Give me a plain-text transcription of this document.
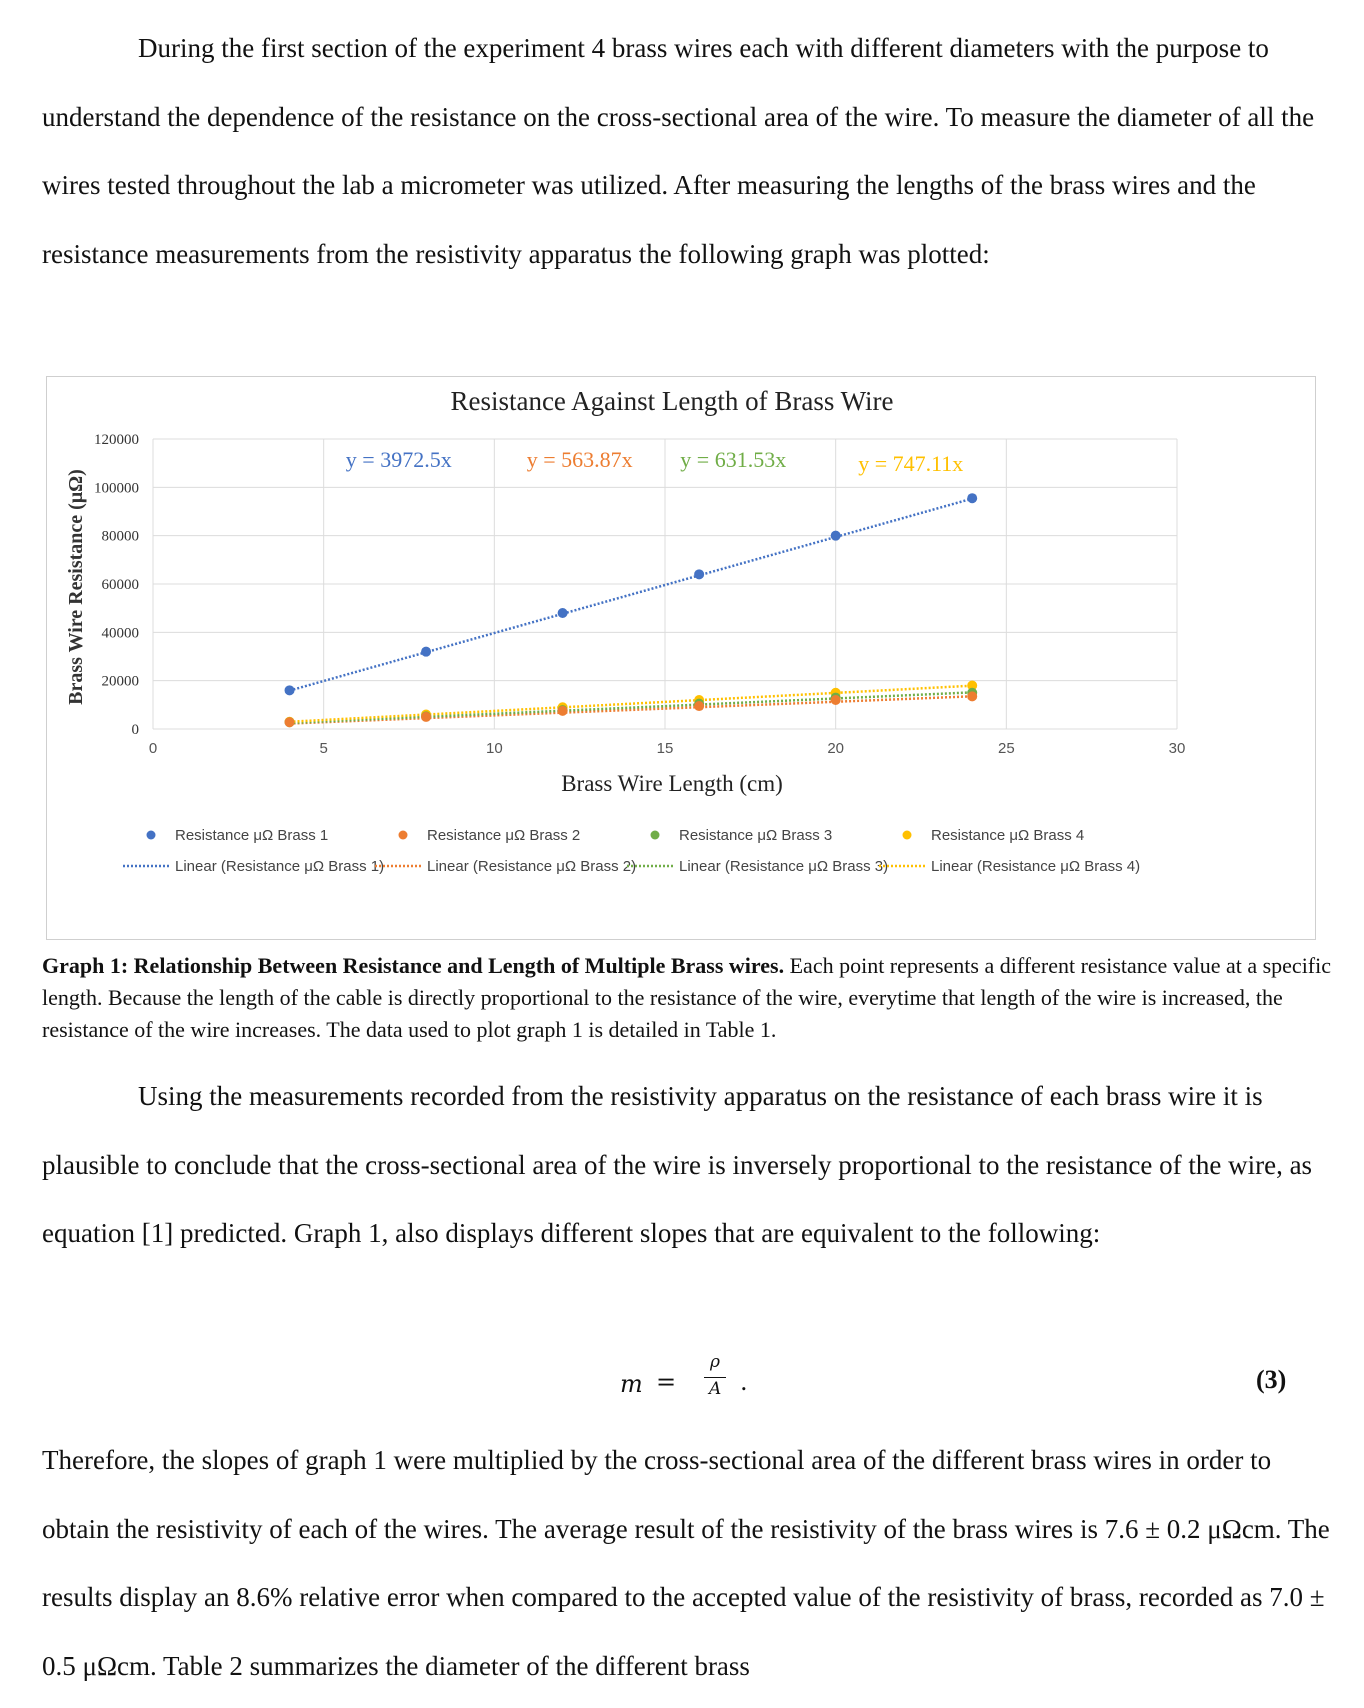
During the first section of the experiment 4 brass wires each with different diameters with the purpose to understand the dependence of the resistance on the cross-sectional area of the wire. To measure the diameter of all the wires tested throughout the lab a micrometer was utilized. After measuring the lengths of the brass wires and the resistance measurements from the resistivity apparatus the following graph was plotted:

0	5	10	15	20	25	30
0
20000
40000
60000
80000
100000
120000
y = 3972.5x	y = 563.87x y = 631.53x	y = 747.11x
Resistance μΩ Brass 1
Linear (Resistance μΩ Brass 1)
Resistance μΩ Brass 2
Linear (Resistance μΩ Brass 2)
Resistance μΩ Brass 3
Linear (Resistance μΩ Brass 3)
Resistance μΩ Brass 4
Linear (Resistance μΩ Brass 4)
Resistance Against Length of Brass Wire
Brass Wire Length (cm)
Brass Wire Resistance (μΩ)

Graph 1: Relationship Between Resistance and Length of Multiple Brass wires. Each point represents a different resistance value at a specific length. Because the length of the cable is directly proportional to the resistance of the wire, everytime that length of the wire is increased, the resistance of the wire increases. The data used to plot graph 1 is detailed in Table 1.

Using the measurements recorded from the resistivity apparatus on the resistance of each brass wire it is plausible to conclude that the cross-sectional area of the wire is inversely proportional to the resistance of the wire, as equation [1] predicted. Graph 1, also displays different slopes that are equivalent to the following:

m =
ρ
A .	(3)

Therefore, the slopes of graph 1 were multiplied by the cross-sectional area of the different brass wires in order to obtain the resistivity of each of the wires. The average result of the resistivity of the brass wires is 7.6 ± 0.2 μΩcm. The results display an 8.6% relative error when compared to the accepted value of the resistivity of brass, recorded as 7.0 ± 0.5 μΩcm. Table 2 summarizes the diameter of the different brass
